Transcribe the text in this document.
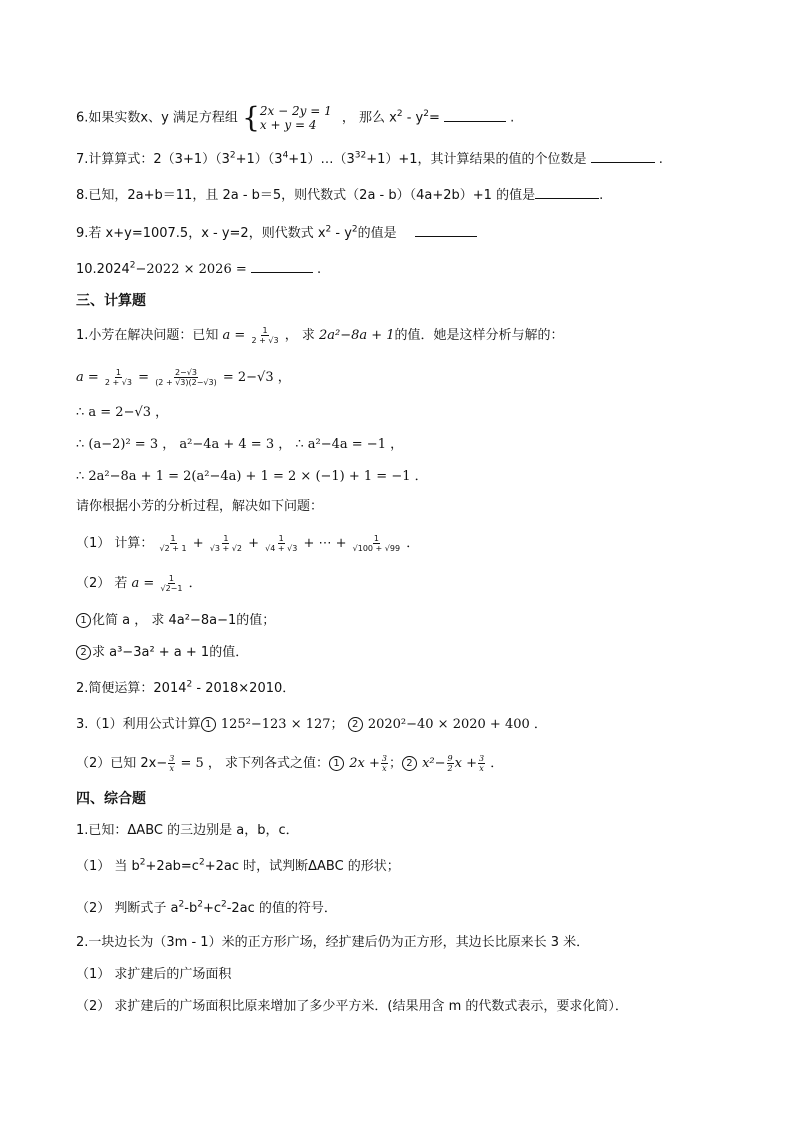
6.如果实数x、y 满足方程组 { 2x − 2y = 1
x + y = 4	， 那么 $x^2 - y^2=$	.
7.计算算式：$2(3+1)(3^2+1)(3^4+1)\dots(3^{32}+1)+1$，其计算结果的值的个位数是	.
8.已知，2a+b＝11，且 2a - b＝5，则代数式（2a - b）（4a+2b）+1 的值是	.
9.若 x+y=1007.5，x - y=2，则代数式 $x^2 - y^2$的值是
$10.2024^2-2022 \times 2026$ =	.
三、计算题
1.小芳在解决问题：已知 $a = \frac{1}{2 + √3}$ ， 求 2a²−8a + 1的值．她是这样分析与解的：
$a = \frac{1}{2 + √3} = \frac{2-√3}{(2 + √3)(2-√3)} = 2-√3$ ，
∴ a = 2−√3 ，
∴ (a−2)² = 3 ， a²−4a + 4 = 3 ， ∴ a²−4a = −1 ，
∴ 2a²−8a + 1 = 2(a²−4a) + 1 = 2 × (−1) + 1 = −1 ．
请你根据小芳的分析过程，解决如下问题：
（1） 计算： $\frac{1}{√2 + 1} + \frac{1}{√3 + √2} + \frac{1}{√4 + √3}$ + ⋯ + $\frac{1}{√100 + √99}$ ．
（2） 若 $a = \frac{1}{√2-1}$ ．
1 化简 a ， 求 4a²−8a−1的值；
2 求 a³−3a² + a + 1的值．
2.简便运算：2014$^2$ - 2018×2010．
3.（1）利用公式计算 1 125²−123 × 127； 2 2020²−40 × 2020 + 400 ．
（2）已知 $2x- \frac{3}{x} = 5$ ， 求下列各式之值： 1 $2x + \frac{3}{x}$ ； 2 $x^2- \frac{9}{2}$ $x + \frac{3}{x}$ ．
四、综合题
1.已知：ΔABC 的三边别是 a，b，c．
（1） 当 $b^2+2ab=c^2+2ac$ 时，试判断ΔABC 的形状；
（2） 判断式子 $a^2-b^2+c^2-2ac$ 的值的符号．
2.一块边长为（3m - 1）米的正方形广场，经扩建后仍为正方形，其边长比原来长 3 米．
（1） 求扩建后的广场面积
（2） 求扩建后的广场面积比原来增加了多少平方米．(结果用含 m 的代数式表示，要求化简）．
